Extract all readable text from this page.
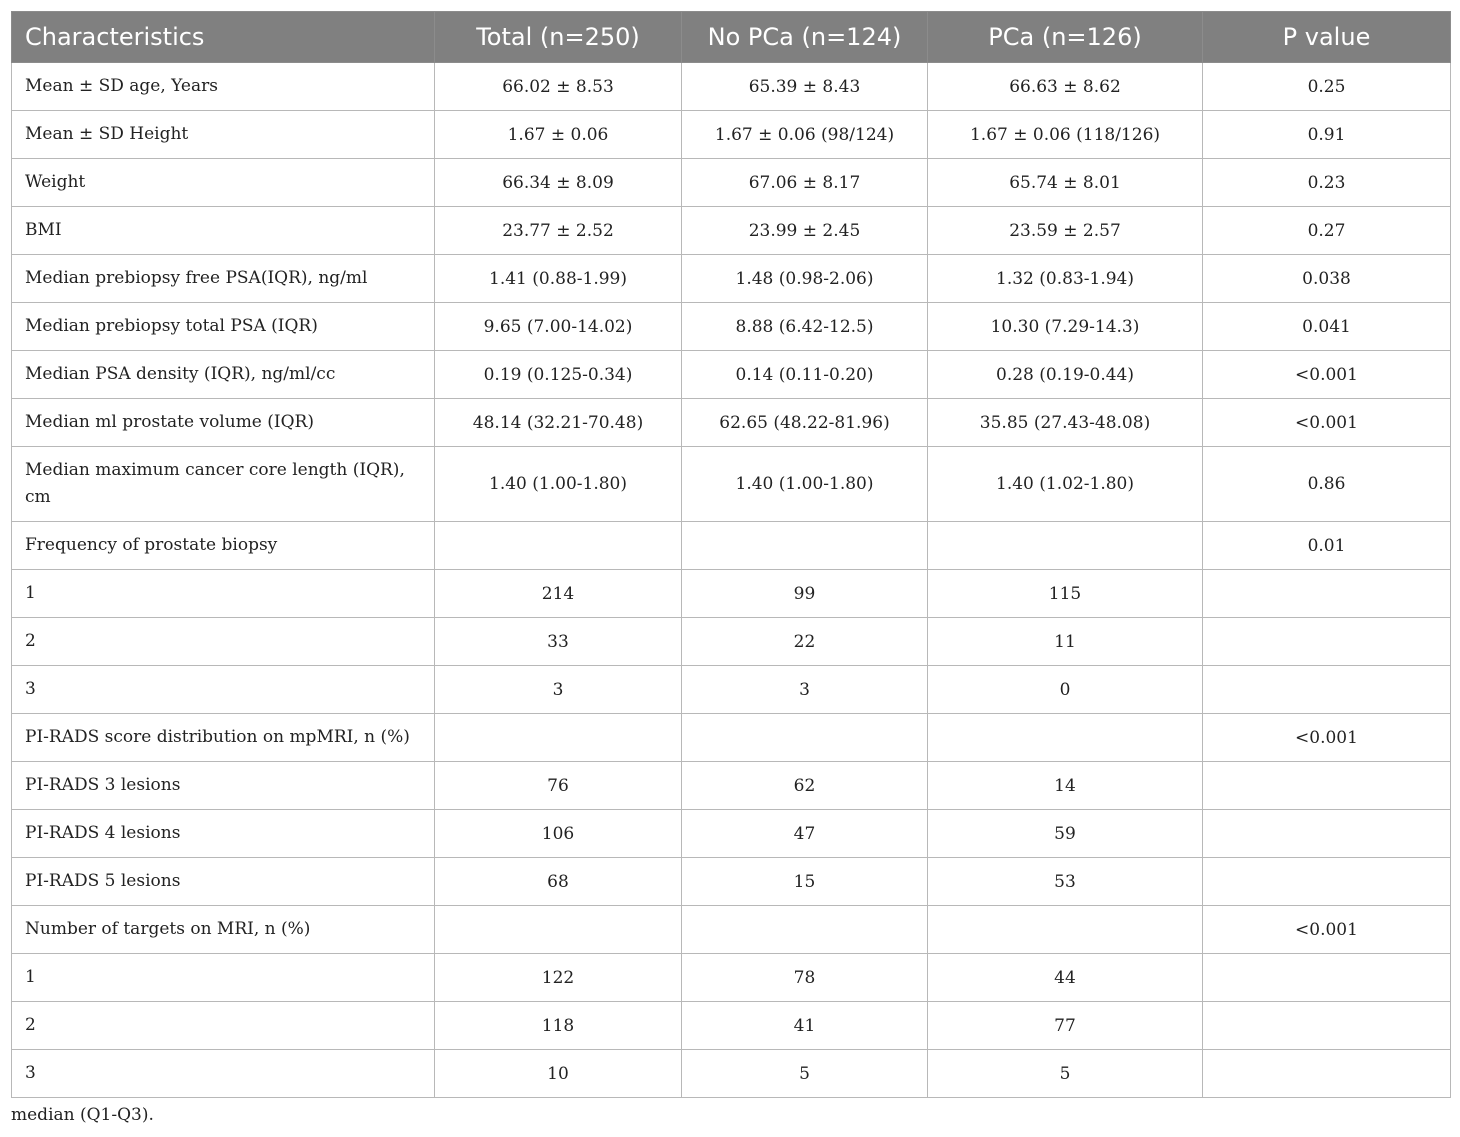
Characteristics	Total (n=250)	No PCa (n=124)	PCa (n=126)	P value
Mean ± SD age, Years	66.02 ± 8.53	65.39 ± 8.43	66.63 ± 8.62	0.25
Mean ± SD Height	1.67 ± 0.06	1.67 ± 0.06 (98/124)	1.67 ± 0.06 (118/126)	0.91
Weight	66.34 ± 8.09	67.06 ± 8.17	65.74 ± 8.01	0.23
BMI	23.77 ± 2.52	23.99 ± 2.45	23.59 ± 2.57	0.27
Median prebiopsy free PSA(IQR), ng/ml	1.41 (0.88-1.99)	1.48 (0.98-2.06)	1.32 (0.83-1.94)	0.038
Median prebiopsy total PSA (IQR)	9.65 (7.00-14.02)	8.88 (6.42-12.5)	10.30 (7.29-14.3)	0.041
Median PSA density (IQR), ng/ml/cc	0.19 (0.125-0.34)	0.14 (0.11-0.20)	0.28 (0.19-0.44)	<0.001
Median ml prostate volume (IQR)	48.14 (32.21-70.48)	62.65 (48.22-81.96)	35.85 (27.43-48.08)	<0.001
Median maximum cancer core length (IQR), cm	1.40 (1.00-1.80)	1.40 (1.00-1.80)	1.40 (1.02-1.80)	0.86
Frequency of prostate biopsy				0.01
1	214	99	115	
2	33	22	11	
3	3	3	0	
PI-RADS score distribution on mpMRI, n (%)				<0.001
PI-RADS 3 lesions	76	62	14	
PI-RADS 4 lesions	106	47	59	
PI-RADS 5 lesions	68	15	53	
Number of targets on MRI, n (%)				<0.001
1	122	78	44	
2	118	41	77	
3	10	5	5	
median (Q1-Q3).
